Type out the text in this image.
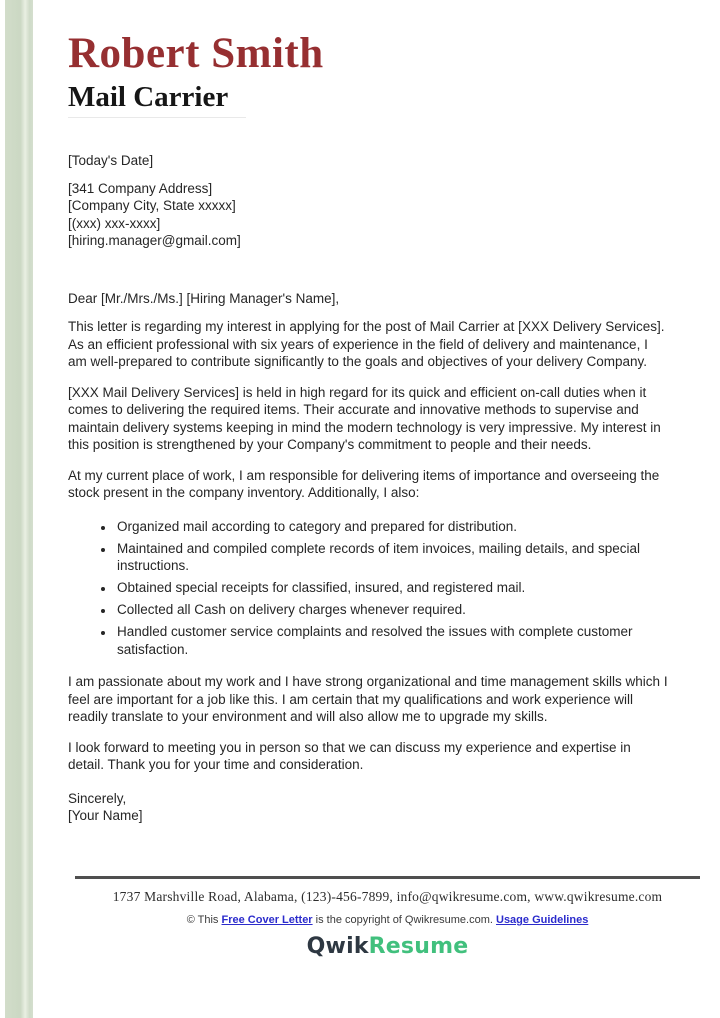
Robert Smith
Mail Carrier
[Today's Date]
[341 Company Address]
[Company City, State xxxxx]
[(xxx) xxx-xxxx]
[hiring.manager@gmail.com]
Dear [Mr./Mrs./Ms.] [Hiring Manager's Name],

This letter is regarding my interest in applying for the post of Mail Carrier at [XXX Delivery Services]. As an efficient professional with six years of experience in the field of delivery and maintenance, I am well-prepared to contribute significantly to the goals and objectives of your delivery Company.

[XXX Mail Delivery Services] is held in high regard for its quick and efficient on-call duties when it comes to delivering the required items. Their accurate and innovative methods to supervise and maintain delivery systems keeping in mind the modern technology is very impressive. My interest in this position is strengthened by your Company's commitment to people and their needs.

At my current place of work, I am responsible for delivering items of importance and overseeing the stock present in the company inventory. Additionally, I also:

• Organized mail according to category and prepared for distribution.
• Maintained and compiled complete records of item invoices, mailing details, and special instructions.
• Obtained special receipts for classified, insured, and registered mail.
• Collected all Cash on delivery charges whenever required.
• Handled customer service complaints and resolved the issues with complete customer satisfaction.

I am passionate about my work and I have strong organizational and time management skills which I feel are important for a job like this. I am certain that my qualifications and work experience will readily translate to your environment and will also allow me to upgrade my skills.

I look forward to meeting you in person so that we can discuss my experience and expertise in detail. Thank you for your time and consideration.

Sincerely,
[Your Name]
1737 Marshville Road, Alabama, (123)-456-7899, info@qwikresume.com, www.qwikresume.com
© This Free Cover Letter is the copyright of Qwikresume.com. Usage Guidelines
QwikResume
